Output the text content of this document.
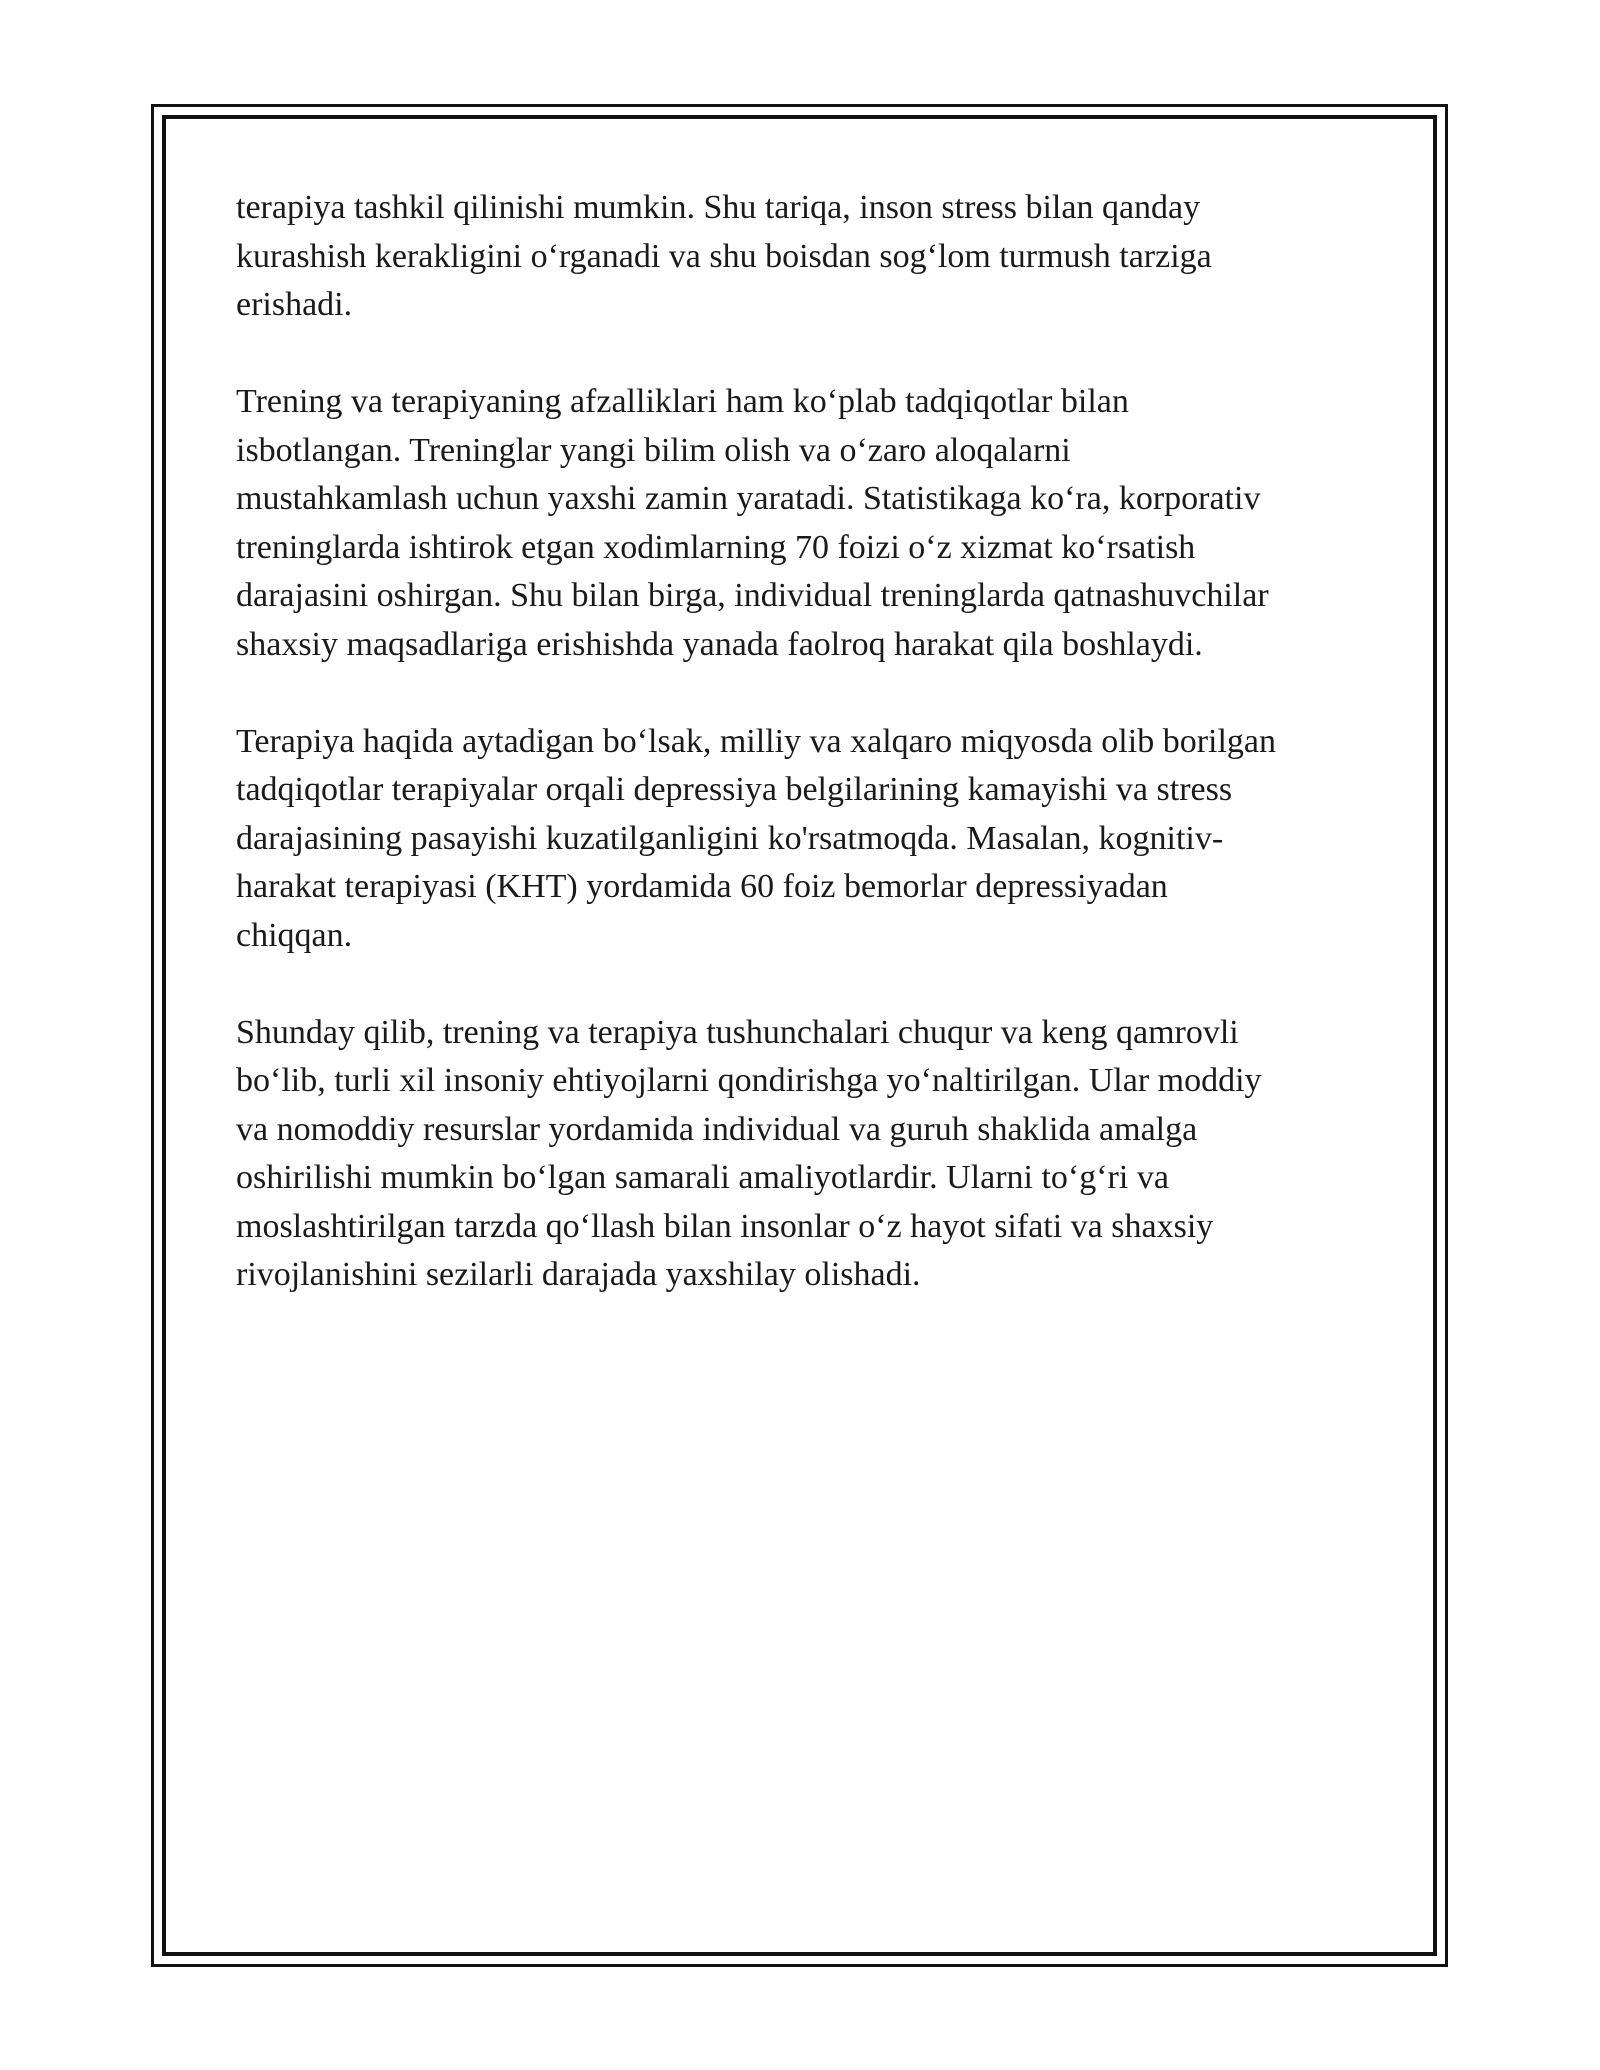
terapiya tashkil qilinishi mumkin. Shu tariqa, inson stress bilan qanday
kurashish kerakligini o‘rganadi va shu boisdan sog‘lom turmush tarziga
erishadi.

Trening va terapiyaning afzalliklari ham ko‘plab tadqiqotlar bilan
isbotlangan. Treninglar yangi bilim olish va o‘zaro aloqalarni
mustahkamlash uchun yaxshi zamin yaratadi. Statistikaga ko‘ra, korporativ
treninglarda ishtirok etgan xodimlarning 70 foizi o‘z xizmat ko‘rsatish
darajasini oshirgan. Shu bilan birga, individual treninglarda qatnashuvchilar
shaxsiy maqsadlariga erishishda yanada faolroq harakat qila boshlaydi.

Terapiya haqida aytadigan bo‘lsak, milliy va xalqaro miqyosda olib borilgan
tadqiqotlar terapiyalar orqali depressiya belgilarining kamayishi va stress
darajasining pasayishi kuzatilganligini ko'rsatmoqda. Masalan, kognitiv-
harakat terapiyasi (KHT) yordamida 60 foiz bemorlar depressiyadan
chiqqan.

Shunday qilib, trening va terapiya tushunchalari chuqur va keng qamrovli
bo‘lib, turli xil insoniy ehtiyojlarni qondirishga yo‘naltirilgan. Ular moddiy
va nomoddiy resurslar yordamida individual va guruh shaklida amalga
oshirilishi mumkin bo‘lgan samarali amaliyotlardir. Ularni to‘g‘ri va
moslashtirilgan tarzda qo‘llash bilan insonlar o‘z hayot sifati va shaxsiy
rivojlanishini sezilarli darajada yaxshilay olishadi.
